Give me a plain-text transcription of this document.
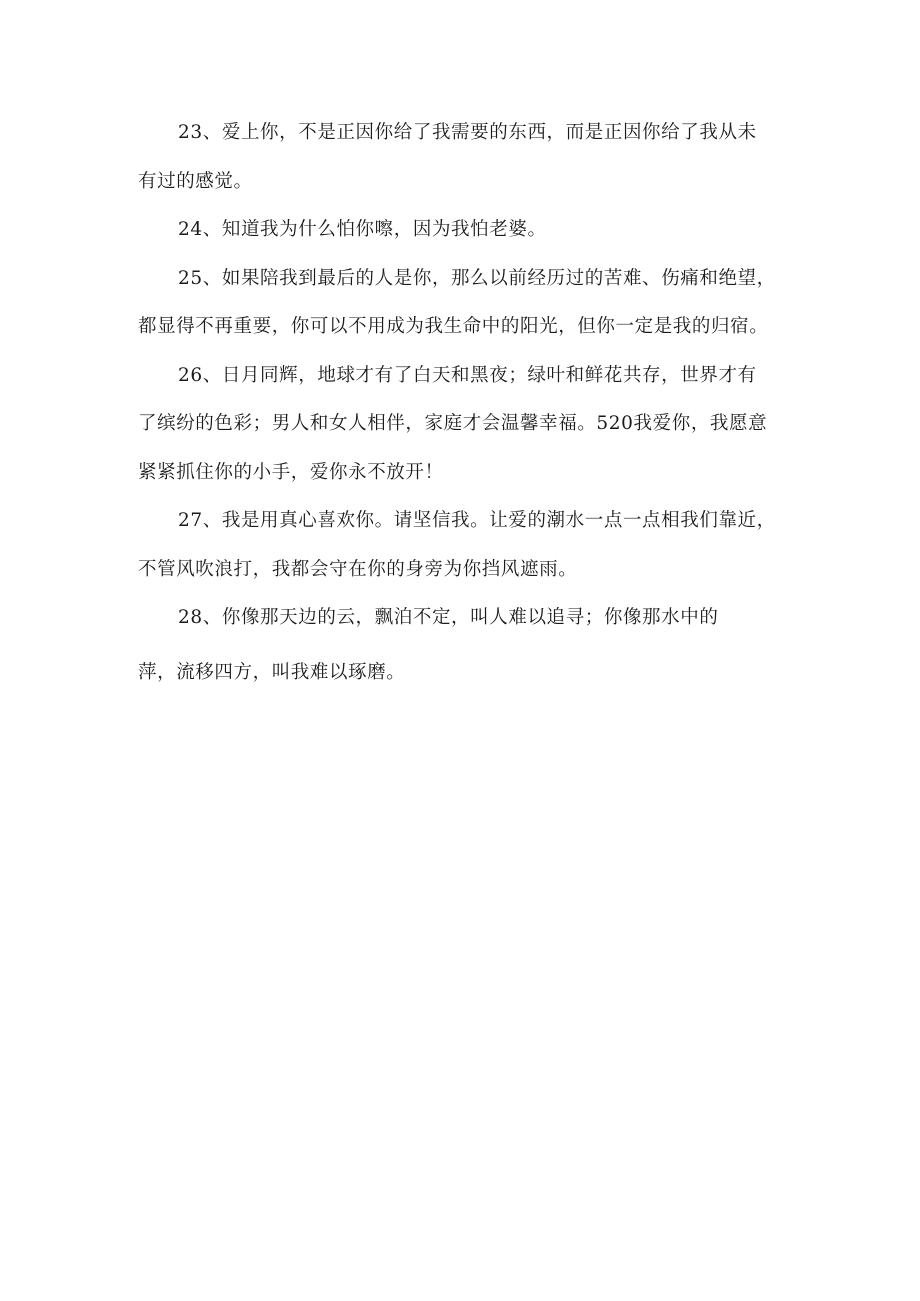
23、爱上你，不是正因你给了我需要的东西，而是正因你给了我从未
有过的感觉。
24、知道我为什么怕你嚓，因为我怕老婆。
25、如果陪我到最后的人是你，那么以前经历过的苦难、伤痛和绝望，
都显得不再重要，你可以不用成为我生命中的阳光，但你一定是我的归宿。
26、日月同辉，地球才有了白天和黑夜；绿叶和鲜花共存，世界才有
了缤纷的色彩；男人和女人相伴，家庭才会温馨幸福。520我爱你，我愿意
紧紧抓住你的小手，爱你永不放开！
27、我是用真心喜欢你。请坚信我。让爱的潮水一点一点相我们靠近，
不管风吹浪打，我都会守在你的身旁为你挡风遮雨。
28、你像那天边的云，飘泊不定，叫人难以追寻；你像那水中的
萍，流移四方，叫我难以琢磨。
